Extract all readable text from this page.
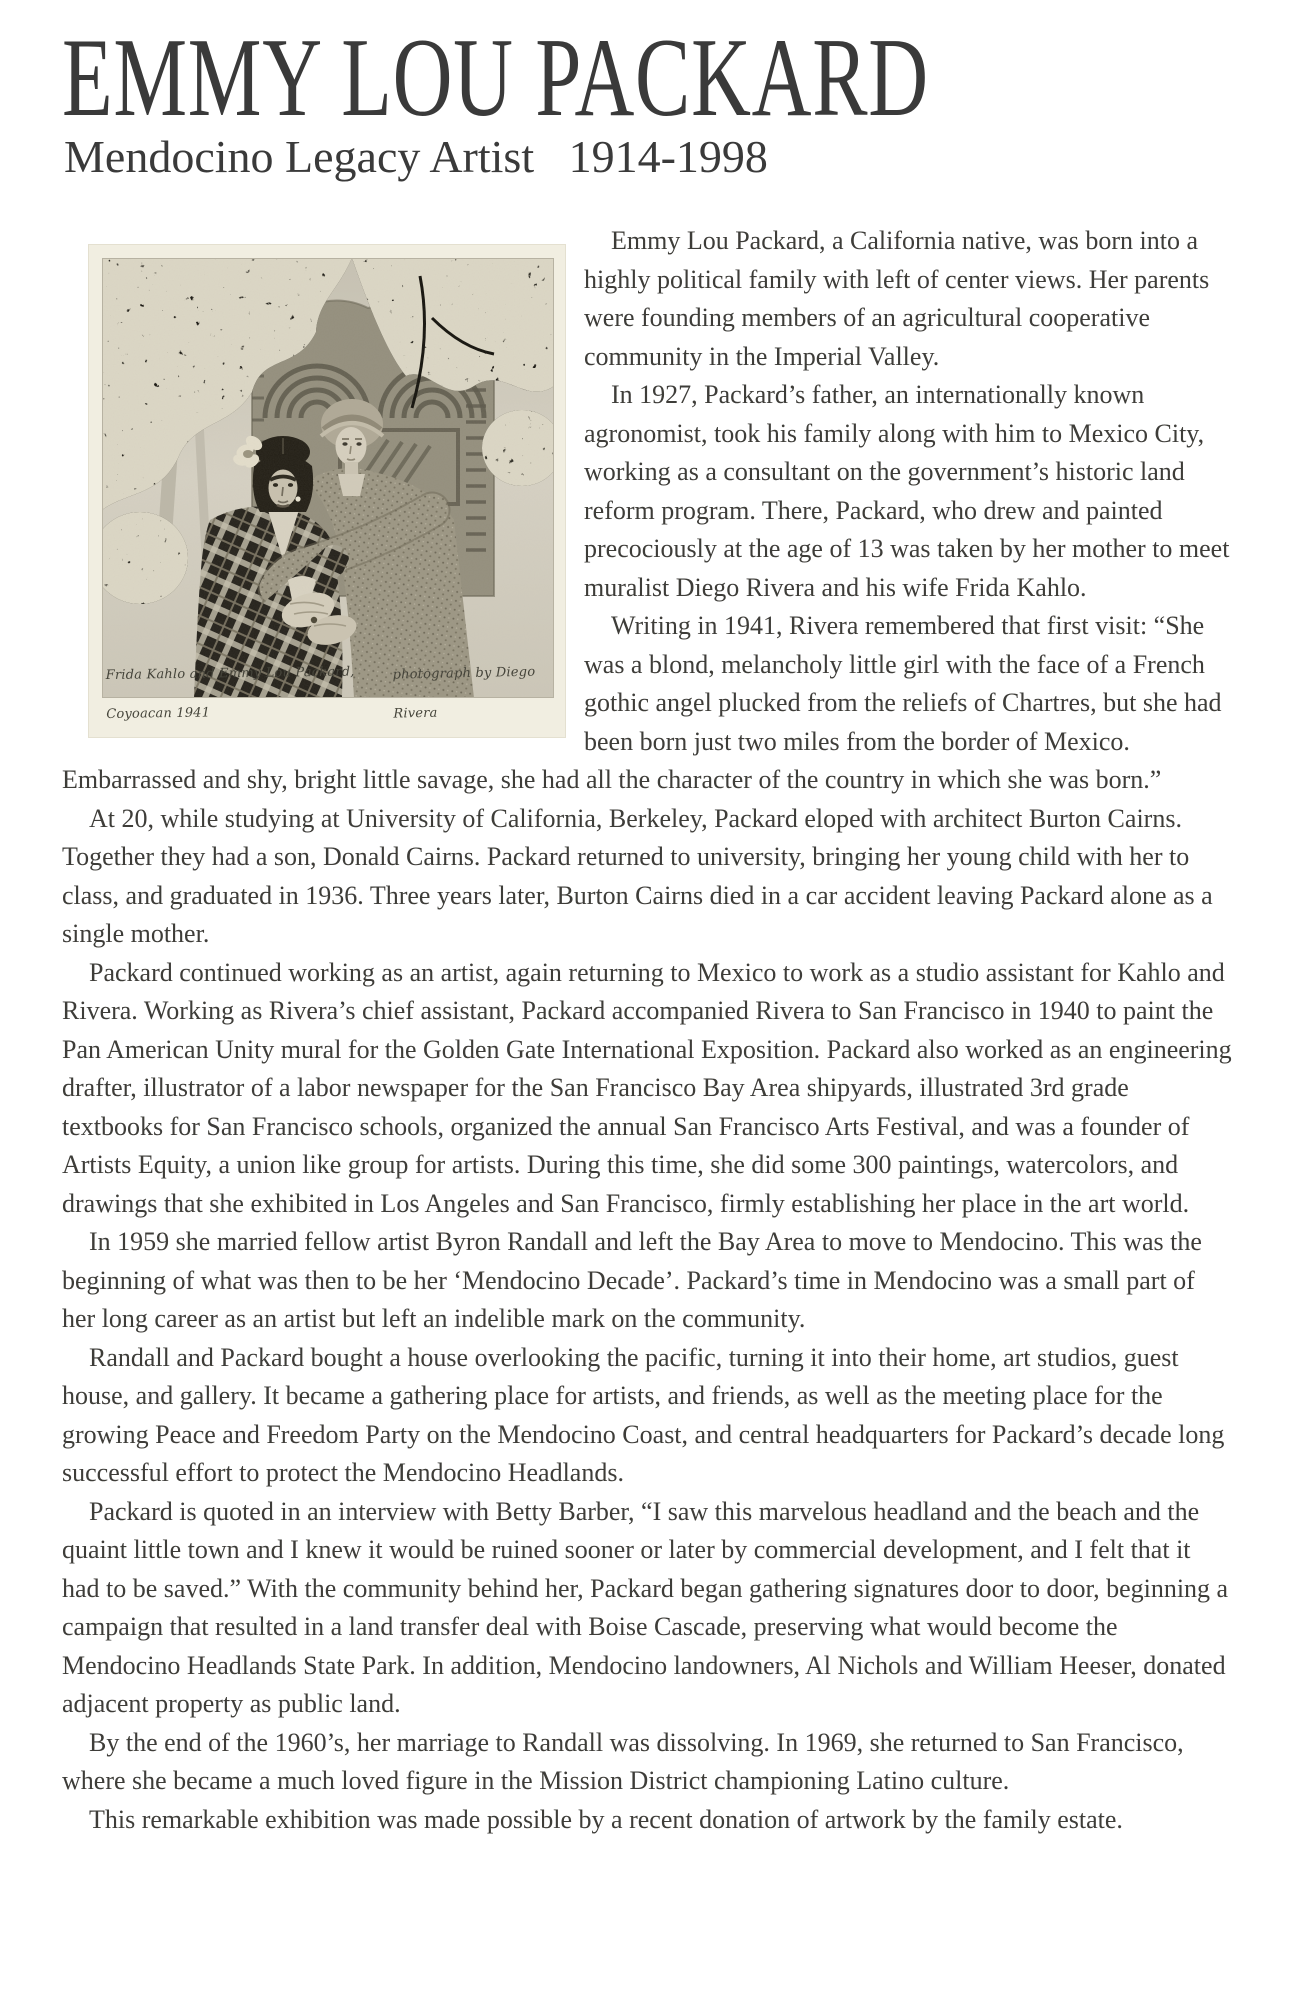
EMMY LOU PACKARD
Mendocino Legacy Artist   1914-1998
Frida Kahlo and Emmy Lou Packard, Coyoacan 1941
photograph by Diego Rivera

Emmy Lou Packard, a California native, was born into a highly political family with left of center views. Her parents were founding members of an agricultural cooperative community in the Imperial Valley.

In 1927, Packard’s father, an internationally known agronomist, took his family along with him to Mexico City, working as a consultant on the government’s historic land reform program. There, Packard, who drew and painted precociously at the age of 13 was taken by her mother to meet muralist Diego Rivera and his wife Frida Kahlo.

Writing in 1941, Rivera remembered that first visit: “She was a blond, melancholy little girl with the face of a French gothic angel plucked from the reliefs of Chartres, but she had been born just two miles from the border of Mexico. Embarrassed and shy, bright little savage, she had all the character of the country in which she was born.”

At 20, while studying at University of California, Berkeley, Packard eloped with architect Burton Cairns. Together they had a son, Donald Cairns. Packard returned to university, bringing her young child with her to class, and graduated in 1936. Three years later, Burton Cairns died in a car accident leaving Packard alone as a single mother.

Packard continued working as an artist, again returning to Mexico to work as a studio assistant for Kahlo and Rivera. Working as Rivera’s chief assistant, Packard accompanied Rivera to San Francisco in 1940 to paint the Pan American Unity mural for the Golden Gate International Exposition. Packard also worked as an engineering drafter, illustrator of a labor newspaper for the San Francisco Bay Area shipyards, illustrated 3rd grade textbooks for San Francisco schools, organized the annual San Francisco Arts Festival, and was a founder of Artists Equity, a union like group for artists. During this time, she did some 300 paintings, watercolors, and drawings that she exhibited in Los Angeles and San Francisco, firmly establishing her place in the art world.

In 1959 she married fellow artist Byron Randall and left the Bay Area to move to Mendocino. This was the beginning of what was then to be her ‘Mendocino Decade’. Packard’s time in Mendocino was a small part of her long career as an artist but left an indelible mark on the community.

Randall and Packard bought a house overlooking the pacific, turning it into their home, art studios, guest house, and gallery. It became a gathering place for artists, and friends, as well as the meeting place for the growing Peace and Freedom Party on the Mendocino Coast, and central headquarters for Packard’s decade long successful effort to protect the Mendocino Headlands.

Packard is quoted in an interview with Betty Barber, “I saw this marvelous headland and the beach and the quaint little town and I knew it would be ruined sooner or later by commercial development, and I felt that it had to be saved.” With the community behind her, Packard began gathering signatures door to door, beginning a campaign that resulted in a land transfer deal with Boise Cascade, preserving what would become the Mendocino Headlands State Park. In addition, Mendocino landowners, Al Nichols and William Heeser, donated adjacent property as public land.

By the end of the 1960’s, her marriage to Randall was dissolving. In 1969, she returned to San Francisco, where she became a much loved figure in the Mission District championing Latino culture.

This remarkable exhibition was made possible by a recent donation of artwork by the family estate.
